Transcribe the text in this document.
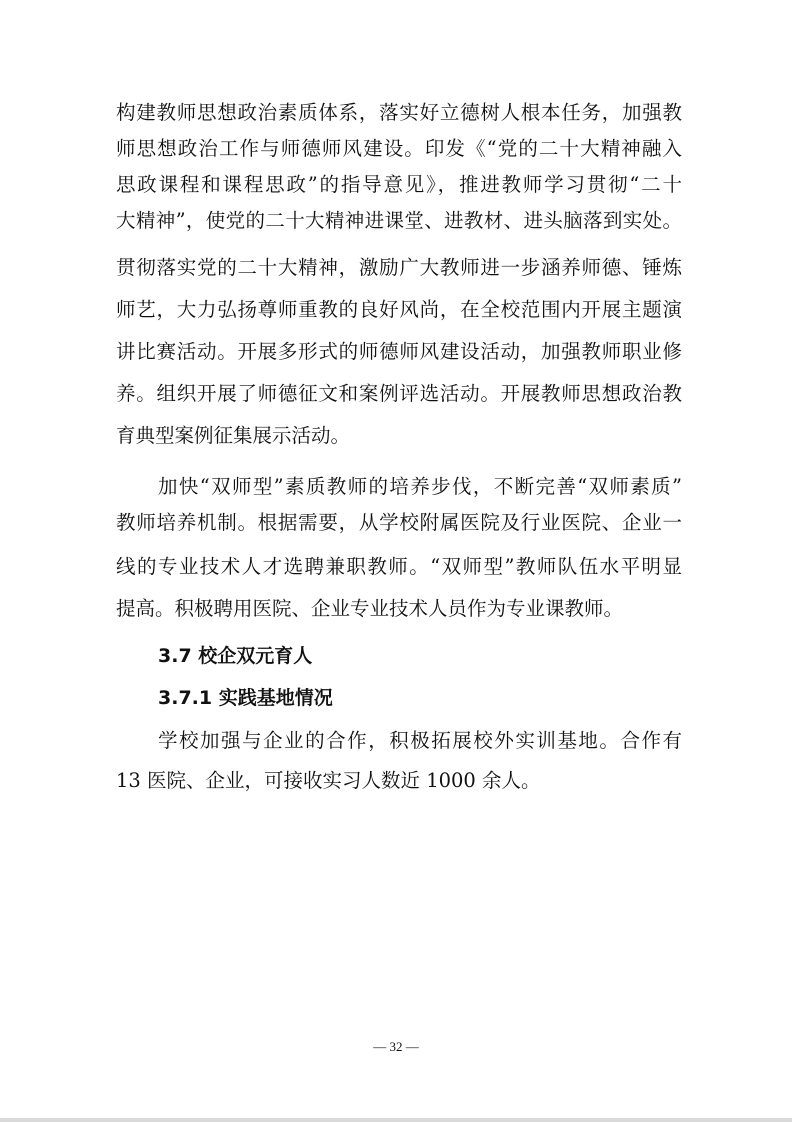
构建教师思想政治素质体系，落实好立德树人根本任务，加强教
师思想政治工作与师德师风建设。印发《“党的二十大精神融入
思政课程和课程思政”的指导意见》，推进教师学习贯彻“二十
大精神”，使党的二十大精神进课堂、进教材、进头脑落到实处。
贯彻落实党的二十大精神，激励广大教师进一步涵养师德、锤炼
师艺，大力弘扬尊师重教的良好风尚，在全校范围内开展主题演
讲比赛活动。开展多形式的师德师风建设活动，加强教师职业修
养。组织开展了师德征文和案例评选活动。开展教师思想政治教
育典型案例征集展示活动。
加快“双师型”素质教师的培养步伐，不断完善“双师素质”
教师培养机制。根据需要，从学校附属医院及行业医院、企业一
线的专业技术人才选聘兼职教师。“双师型”教师队伍水平明显
提高。积极聘用医院、企业专业技术人员作为专业课教师。
3.7 校企双元育人
3.7.1 实践基地情况
学校加强与企业的合作，积极拓展校外实训基地。合作有
13 医院、企业，可接收实习人数近 1000 余人。
— 32 —
